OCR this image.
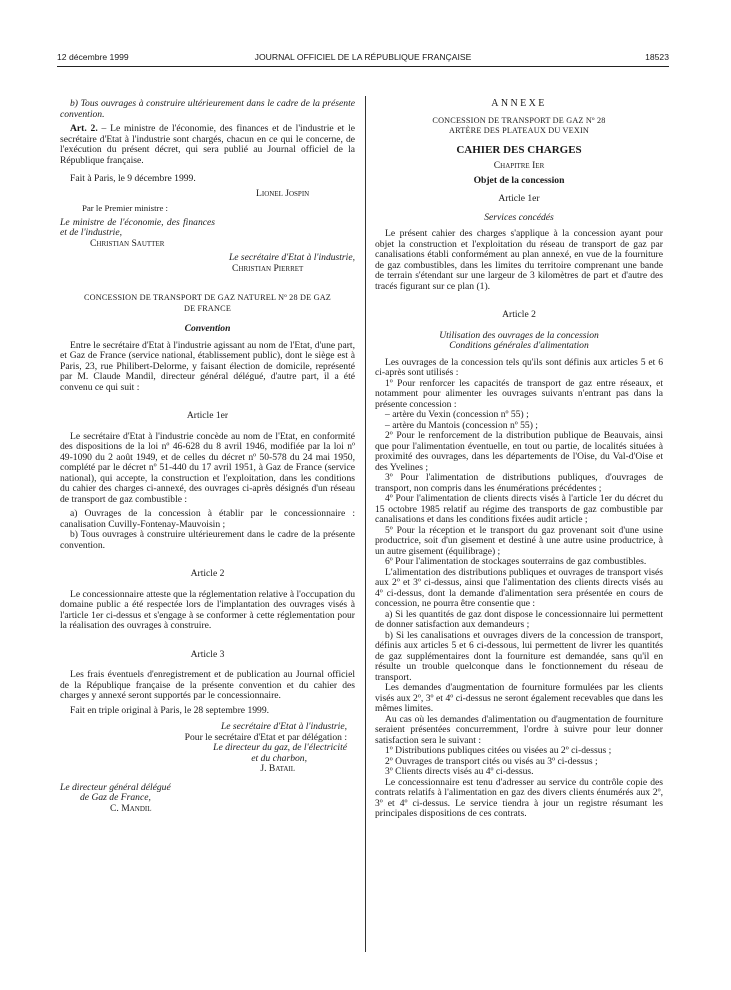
12 décembre 1999	JOURNAL OFFICIEL DE LA RÉPUBLIQUE FRANÇAISE	18523

b) Tous ouvrages à construire ultérieurement dans le cadre de la présente convention.

Art. 2. – Le ministre de l'économie, des finances et de l'industrie et le secrétaire d'Etat à l'industrie sont chargés, chacun en ce qui le concerne, de l'exécution du présent décret, qui sera publié au Journal officiel de la République française.

Fait à Paris, le 9 décembre 1999.

Lionel Jospin

Par le Premier ministre :

Le ministre de l'économie, des finances et de l'industrie,

Christian Sautter

Le secrétaire d'Etat à l'industrie,

Christian Pierret

CONCESSION DE TRANSPORT DE GAZ NATUREL Nº 28 DE GAZ DE FRANCE

Convention

Entre le secrétaire d'Etat à l'industrie agissant au nom de l'Etat, d'une part, et Gaz de France (service national, établissement public), dont le siège est à Paris, 23, rue Philibert-Delorme, y faisant élection de domicile, représenté par M. Claude Mandil, directeur général délégué, d'autre part, il a été convenu ce qui suit :

Article 1er

Le secrétaire d'Etat à l'industrie concède au nom de l'Etat, en conformité des dispositions de la loi nº 46-628 du 8 avril 1946, modifiée par la loi nº 49-1090 du 2 août 1949, et de celles du décret nº 50-578 du 24 mai 1950, complété par le décret nº 51-440 du 17 avril 1951, à Gaz de France (service national), qui accepte, la construction et l'exploitation, dans les conditions du cahier des charges ci-annexé, des ouvrages ci-après désignés d'un réseau de transport de gaz combustible :

a) Ouvrages de la concession à établir par le concessionnaire : canalisation Cuvilly-Fontenay-Mauvoisin ;

b) Tous ouvrages à construire ultérieurement dans le cadre de la présente convention.

Article 2

Le concessionnaire atteste que la réglementation relative à l'occupation du domaine public a été respectée lors de l'implantation des ouvrages visés à l'article 1er ci-dessus et s'engage à se conformer à cette réglementation pour la réalisation des ouvrages à construire.

Article 3

Les frais éventuels d'enregistrement et de publication au Journal officiel de la République française de la présente convention et du cahier des charges y annexé seront supportés par le concessionnaire.

Fait en triple original à Paris, le 28 septembre 1999.

Le secrétaire d'Etat à l'industrie,

Pour le secrétaire d'Etat et par délégation :

Le directeur du gaz, de l'électricité

et du charbon,

J. Batail

Le directeur général délégué

de Gaz de France,

C. Mandil

ANNEXE

CONCESSION DE TRANSPORT DE GAZ Nº 28

ARTÈRE DES PLATEAUX DU VEXIN

CAHIER DES CHARGES

Chapitre Ier

Objet de la concession

Article 1er

Services concédés

Le présent cahier des charges s'applique à la concession ayant pour objet la construction et l'exploitation du réseau de transport de gaz par canalisations établi conformément au plan annexé, en vue de la fourniture de gaz combustibles, dans les limites du territoire comprenant une bande de terrain s'étendant sur une largeur de 3 kilomètres de part et d'autre des tracés figurant sur ce plan (1).

Article 2

Utilisation des ouvrages de la concession

Conditions générales d'alimentation

Les ouvrages de la concession tels qu'ils sont définis aux articles 5 et 6 ci-après sont utilisés :

1º Pour renforcer les capacités de transport de gaz entre réseaux, et notamment pour alimenter les ouvrages suivants n'entrant pas dans la présente concession :

– artère du Vexin (concession nº 55) ;

– artère du Mantois (concession nº 55) ;

2º Pour le renforcement de la distribution publique de Beauvais, ainsi que pour l'alimentation éventuelle, en tout ou partie, de localités situées à proximité des ouvrages, dans les départements de l'Oise, du Val-d'Oise et des Yvelines ;

3º Pour l'alimentation de distributions publiques, d'ouvrages de transport, non compris dans les énumérations précédentes ;

4º Pour l'alimentation de clients directs visés à l'article 1er du décret du 15 octobre 1985 relatif au régime des transports de gaz combustible par canalisations et dans les conditions fixées audit article ;

5º Pour la réception et le transport du gaz provenant soit d'une usine productrice, soit d'un gisement et destiné à une autre usine productrice, à un autre gisement (équilibrage) ;

6º Pour l'alimentation de stockages souterrains de gaz combustibles.

L'alimentation des distributions publiques et ouvrages de transport visés aux 2º et 3º ci-dessus, ainsi que l'alimentation des clients directs visés au 4º ci-dessus, dont la demande d'alimentation sera présentée en cours de concession, ne pourra être consentie que :

a) Si les quantités de gaz dont dispose le concessionnaire lui permettent de donner satisfaction aux demandeurs ;

b) Si les canalisations et ouvrages divers de la concession de transport, définis aux articles 5 et 6 ci-dessous, lui permettent de livrer les quantités de gaz supplémentaires dont la fourniture est demandée, sans qu'il en résulte un trouble quelconque dans le fonctionnement du réseau de transport.

Les demandes d'augmentation de fourniture formulées par les clients visés aux 2º, 3º et 4º ci-dessus ne seront également recevables que dans les mêmes limites.

Au cas où les demandes d'alimentation ou d'augmentation de fourniture seraient présentées concurremment, l'ordre à suivre pour leur donner satisfaction sera le suivant :

1º Distributions publiques citées ou visées au 2º ci-dessus ;

2º Ouvrages de transport cités ou visés au 3º ci-dessus ;

3º Clients directs visés au 4º ci-dessus.

Le concessionnaire est tenu d'adresser au service du contrôle copie des contrats relatifs à l'alimentation en gaz des divers clients énumérés aux 2º, 3º et 4º ci-dessus. Le service tiendra à jour un registre résumant les principales dispositions de ces contrats.
